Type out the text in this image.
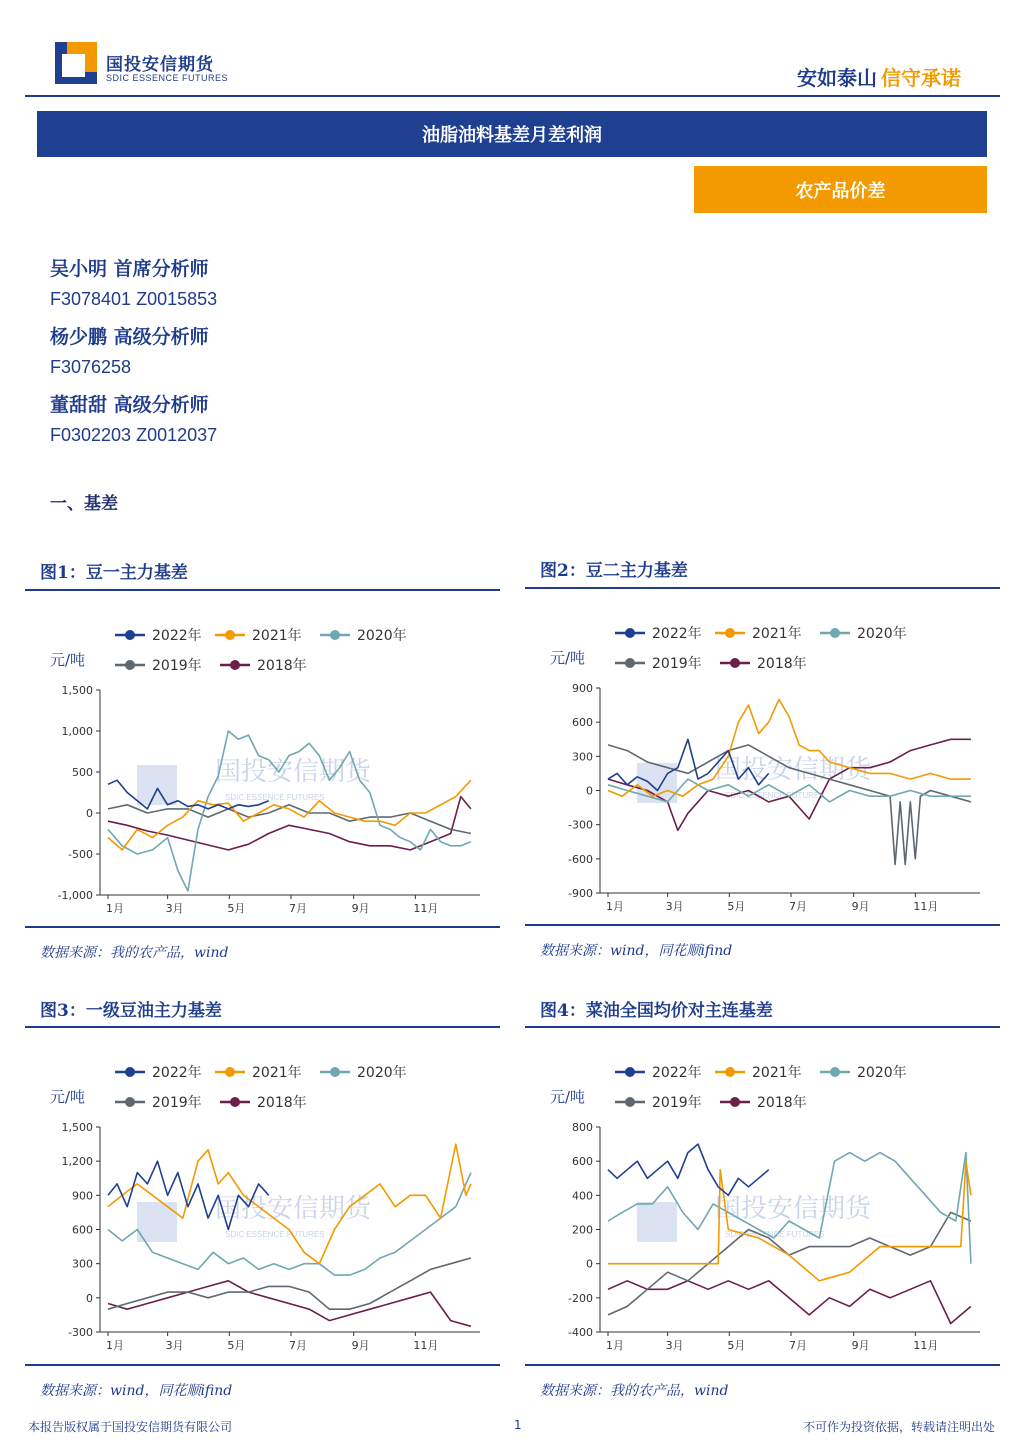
国投安信期货
SDIC ESSENCE FUTURES	安如泰山 信守承诺
油脂油料基差月差利润
农产品价差
吴小明 首席分析师
F3078401 Z0015853
杨少鹏 高级分析师
F3076258
董甜甜 高级分析师
F0302203 Z0012037
一、基差
图1：豆一主力基差
国投安信期货
SDIC ESSENCE FUTURES
2022年	2021年	2020年
2019年	2018年
元/吨
1,500
1,000
500
0
-500
-1,000
1月	3月	5月	7月	9月	11月
数据来源：我的农产品，wind
图2：豆二主力基差
国投安信期货
SDIC ESSENCE FUTURES
2022年	2021年	2020年
2019年	2018年
元/吨
900
600
300
0
-300
-600
-900
1月	3月	5月	7月	9月	11月
数据来源：wind，同花顺ifind
图3：一级豆油主力基差
国投安信期货
SDIC ESSENCE FUTURES
2022年	2021年	2020年
2019年	2018年
元/吨
1,500
1,200
900
600
300
0
-300
1月	3月	5月	7月	9月	11月
数据来源：wind，同花顺ifind
图4：菜油全国均价对主连基差
国投安信期货
SDIC ESSENCE FUTURES
2022年	2021年	2020年
2019年	2018年
元/吨
800
600
400
200
0
-200
-400
1月	3月	5月	7月	9月	11月
数据来源：我的农产品，wind
本报告版权属于国投安信期货有限公司	1	不可作为投资依据，转载请注明出处
